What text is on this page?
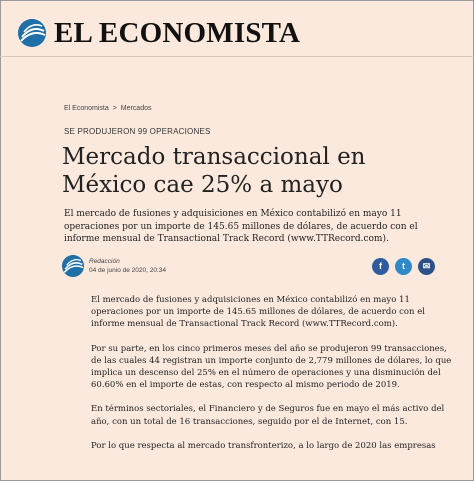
EL ECONOMISTA
El Economista > Mercados
SE PRODUJERON 99 OPERACIONES
Mercado transaccional en México cae 25% a mayo
El mercado de fusiones y adquisiciones en México contabilizó en mayo 11 operaciones por un importe de 145.65 millones de dólares, de acuerdo con el informe mensual de Transactional Track Record (www.TTRecord.com).
Redacción
04 de junio de 2020, 20:34	f t ✉

El mercado de fusiones y adquisiciones en México contabilizó en mayo 11 operaciones por un importe de 145.65 millones de dólares, de acuerdo con el informe mensual de Transactional Track Record (www.TTRecord.com).

Por su parte, en los cinco primeros meses del año se produjeron 99 transacciones, de las cuales 44 registran un importe conjunto de 2,779 millones de dólares, lo que implica un descenso del 25% en el número de operaciones y una disminución del 60.60% en el importe de estas, con respecto al mismo periodo de 2019.

En términos sectoriales, el Financiero y de Seguros fue en mayo el más activo del año, con un total de 16 transacciones, seguido por el de Internet, con 15.

Por lo que respecta al mercado transfronterizo, a lo largo de 2020 las empresas
